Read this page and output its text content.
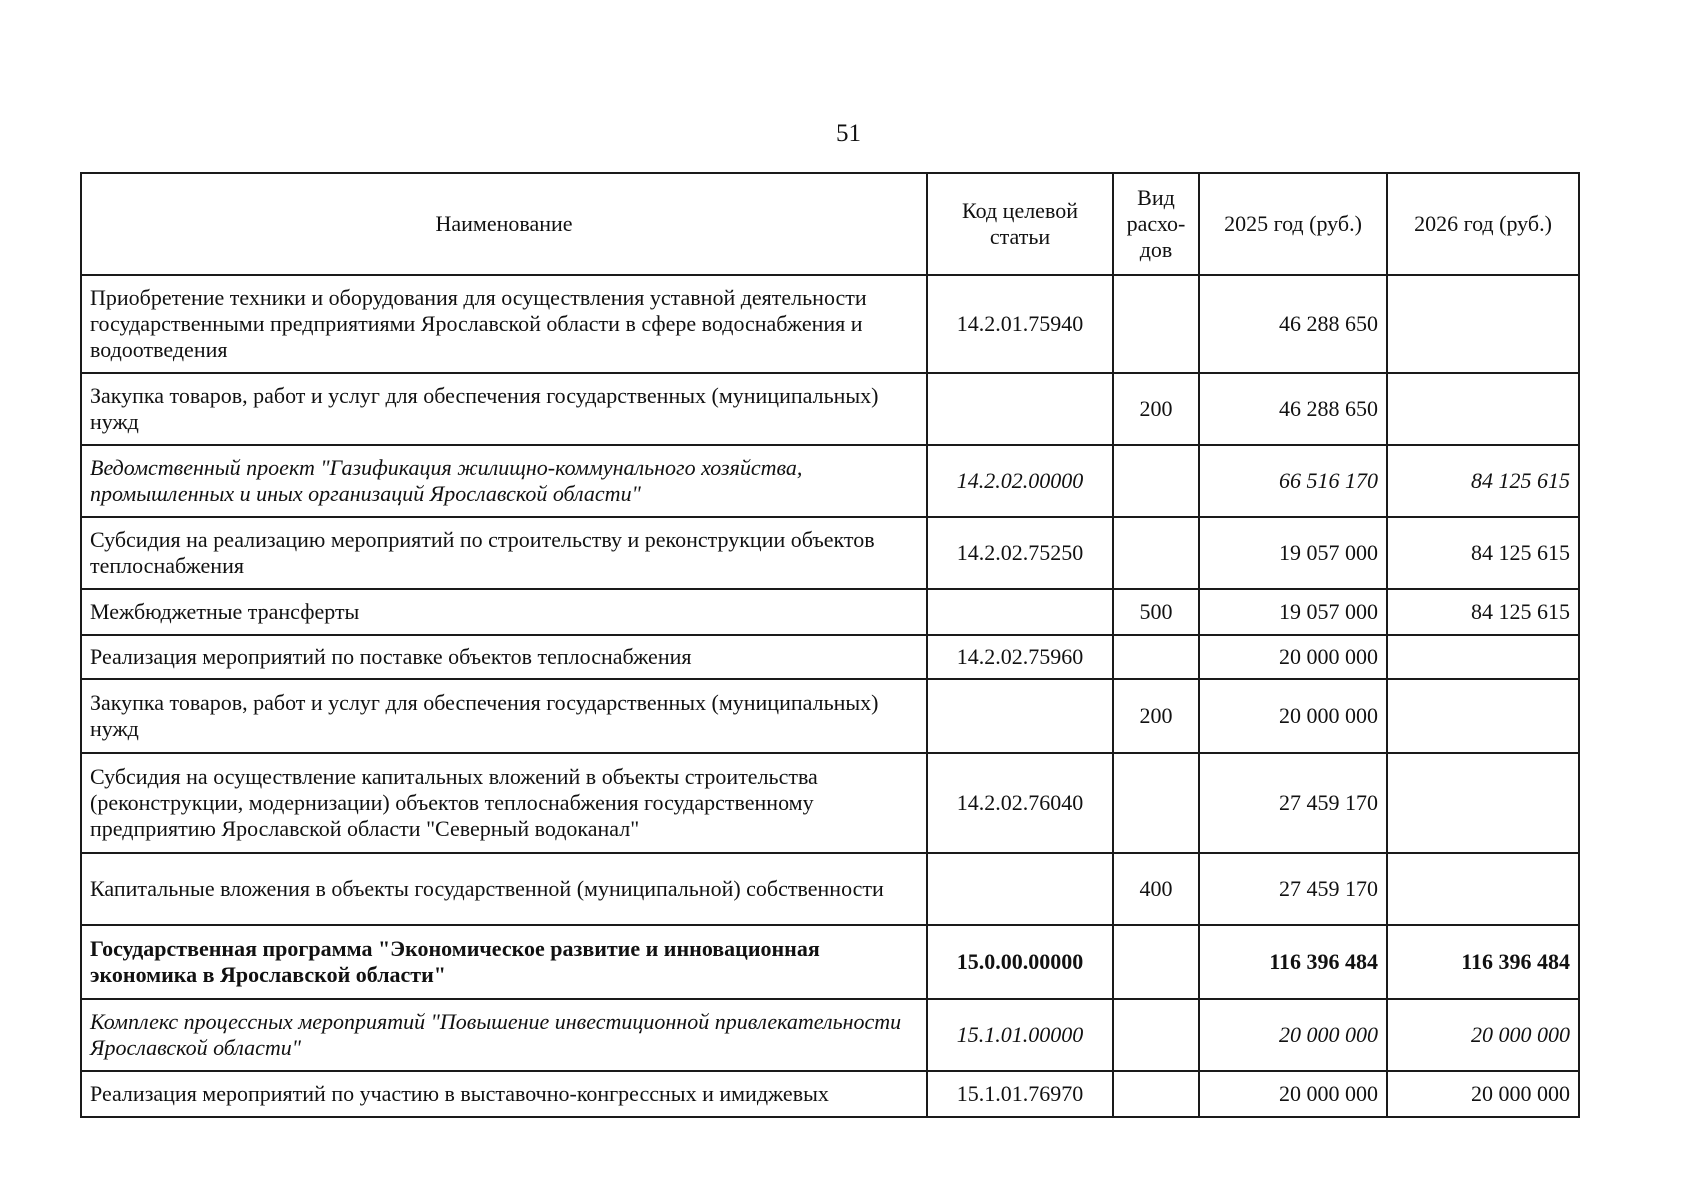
51
Наименование	Код целевой статьи	Вид расхо-дов	2025 год (руб.)	2026 год (руб.)
Приобретение техники и оборудования для осуществления уставной деятельности государственными предприятиями Ярославской области в сфере водоснабжения и водоотведения	14.2.01.75940		46 288 650	
Закупка товаров, работ и услуг для обеспечения государственных (муниципальных) нужд		200	46 288 650	
Ведомственный проект "Газификация жилищно-коммунального хозяйства, промышленных и иных организаций Ярославской области"	14.2.02.00000		66 516 170	84 125 615
Субсидия на реализацию мероприятий по строительству и реконструкции объектов теплоснабжения	14.2.02.75250		19 057 000	84 125 615
Межбюджетные трансферты		500	19 057 000	84 125 615
Реализация мероприятий по поставке объектов теплоснабжения	14.2.02.75960		20 000 000	
Закупка товаров, работ и услуг для обеспечения государственных (муниципальных) нужд		200	20 000 000	
Субсидия на осуществление капитальных вложений в объекты строительства (реконструкции, модернизации) объектов теплоснабжения государственному предприятию Ярославской области "Северный водоканал"	14.2.02.76040		27 459 170	
Капитальные вложения в объекты государственной (муниципальной) собственности		400	27 459 170	
Государственная программа "Экономическое развитие и инновационная экономика в Ярославской области"	15.0.00.00000		116 396 484	116 396 484
Комплекс процессных мероприятий "Повышение инвестиционной привлекательности Ярославской области"	15.1.01.00000		20 000 000	20 000 000
Реализация мероприятий по участию в выставочно-конгрессных и имиджевых	15.1.01.76970		20 000 000	20 000 000
